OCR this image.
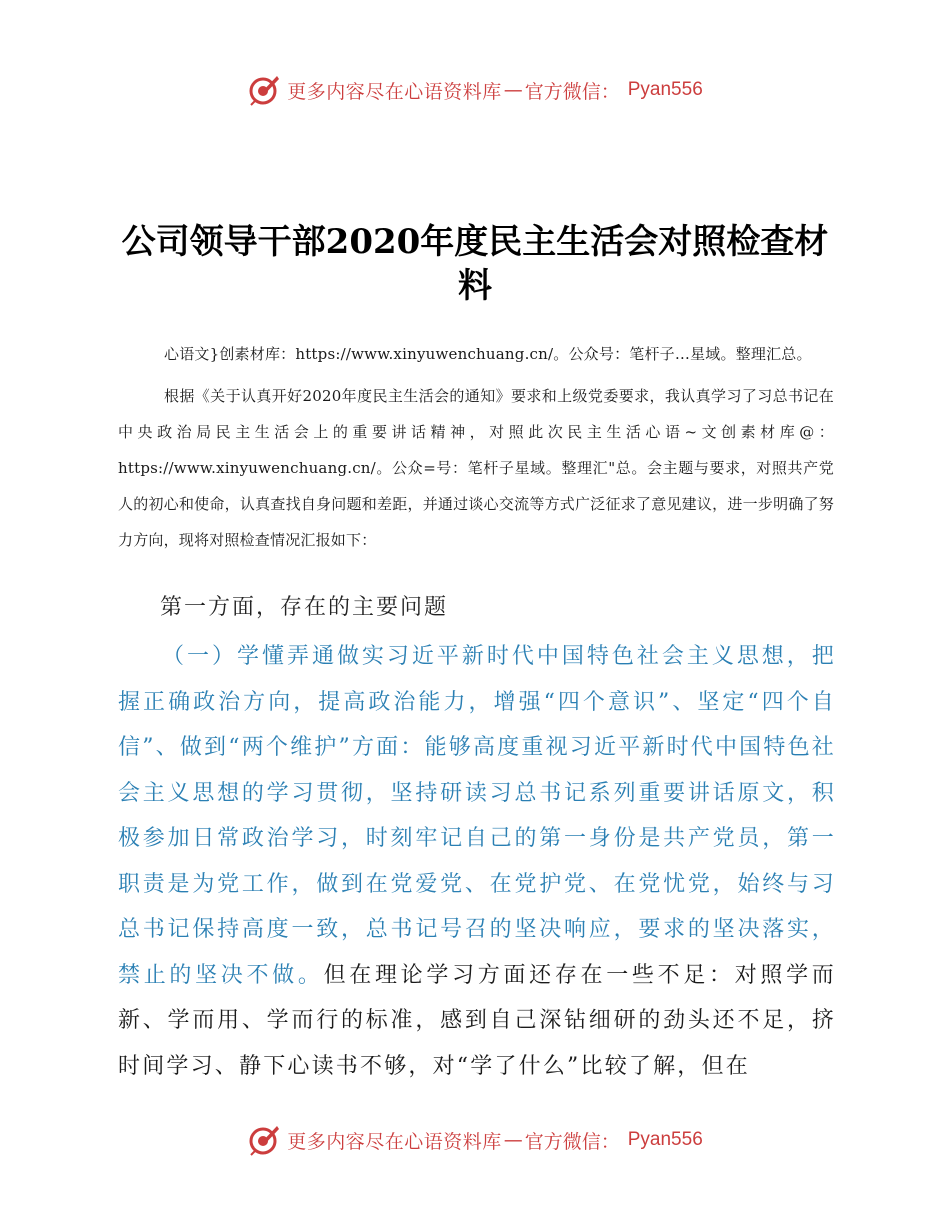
更多内容尽在心语资料库 — 官方微信： Pyan556
公司领导干部2020年度民主生活会对照检查材料

心语文}创素材库：https://www.xinyuwenchuang.cn/。公众号：笔杆子…星域。整理汇总。

根据《关于认真开好2020年度民主生活会的通知》要求和上级党委要求，我认真学习了习总书记在中央政治局民主生活会上的重要讲话精神，对照此次民主生活心语~文创素材库@：https://www.xinyuwenchuang.cn/。公众=号：笔杆子星域。整理汇"总。会主题与要求，对照共产党人的初心和使命，认真查找自身问题和差距，并通过谈心交流等方式广泛征求了意见建议，进一步明确了努力方向，现将对照检查情况汇报如下：

第一方面，存在的主要问题

（一）学懂弄通做实习近平新时代中国特色社会主义思想，把握正确政治方向，提高政治能力，增强“四个意识”、坚定“四个自信”、做到“两个维护”方面：能够高度重视习近平新时代中国特色社会主义思想的学习贯彻，坚持研读习总书记系列重要讲话原文，积极参加日常政治学习，时刻牢记自己的第一身份是共产党员，第一职责是为党工作，做到在党爱党、在党护党、在党忧党，始终与习总书记保持高度一致，总书记号召的坚决响应，要求的坚决落实，禁止的坚决不做。但在理论学习方面还存在一些不足：对照学而新、学而用、学而行的标准，感到自己深钻细研的劲头还不足，挤时间学习、静下心读书不够，对“学了什么”比较了解，但在

更多内容尽在心语资料库 — 官方微信： Pyan556
